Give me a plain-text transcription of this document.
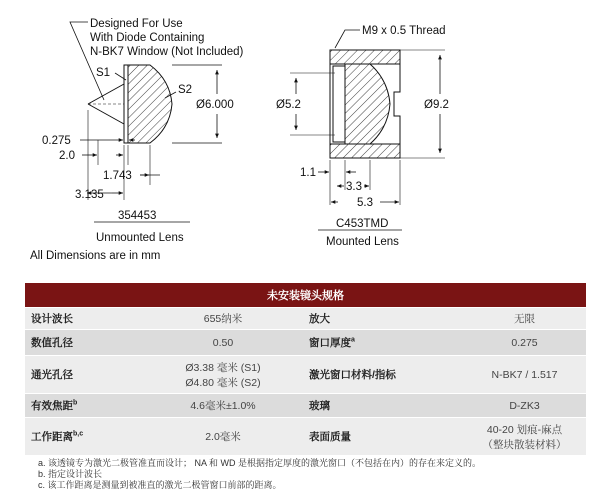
Designed For Use
With Diode Containing
N-BK7 Window (Not Included)
S1
S2
Ø6.000
0.275
2.0
1.743
3.135
354453
Unmounted Lens
All Dimensions are in mm
M9 x 0.5 Thread
Ø5.2	Ø9.2
1.1
3.3
5.3
C453TMD
Mounted Lens
未安装镜头规格			
设计波长	655纳米	放大	无限
数值孔径	0.50	窗口厚度$^a$	0.275
通光孔径	Ø3.38 毫米 (S1)
Ø4.80 毫米 (S2)	激光窗口材料/指标	N-BK7 / 1.517
有效焦距$^b$	4.6毫米±1.0%	玻璃	D-ZK3
工作距离$^{b,c}$	2.0毫米	表面质量	40-20 划痕-麻点
（整块散装材料）
a. 该透镜专为激光二极管准直而设计； NA 和 WD 是根据指定厚度的激光窗口（不包括在内）的存在来定义的。
b. 指定设计波长
c. 该工作距离是测量到被准直的激光二极管窗口前部的距离。
